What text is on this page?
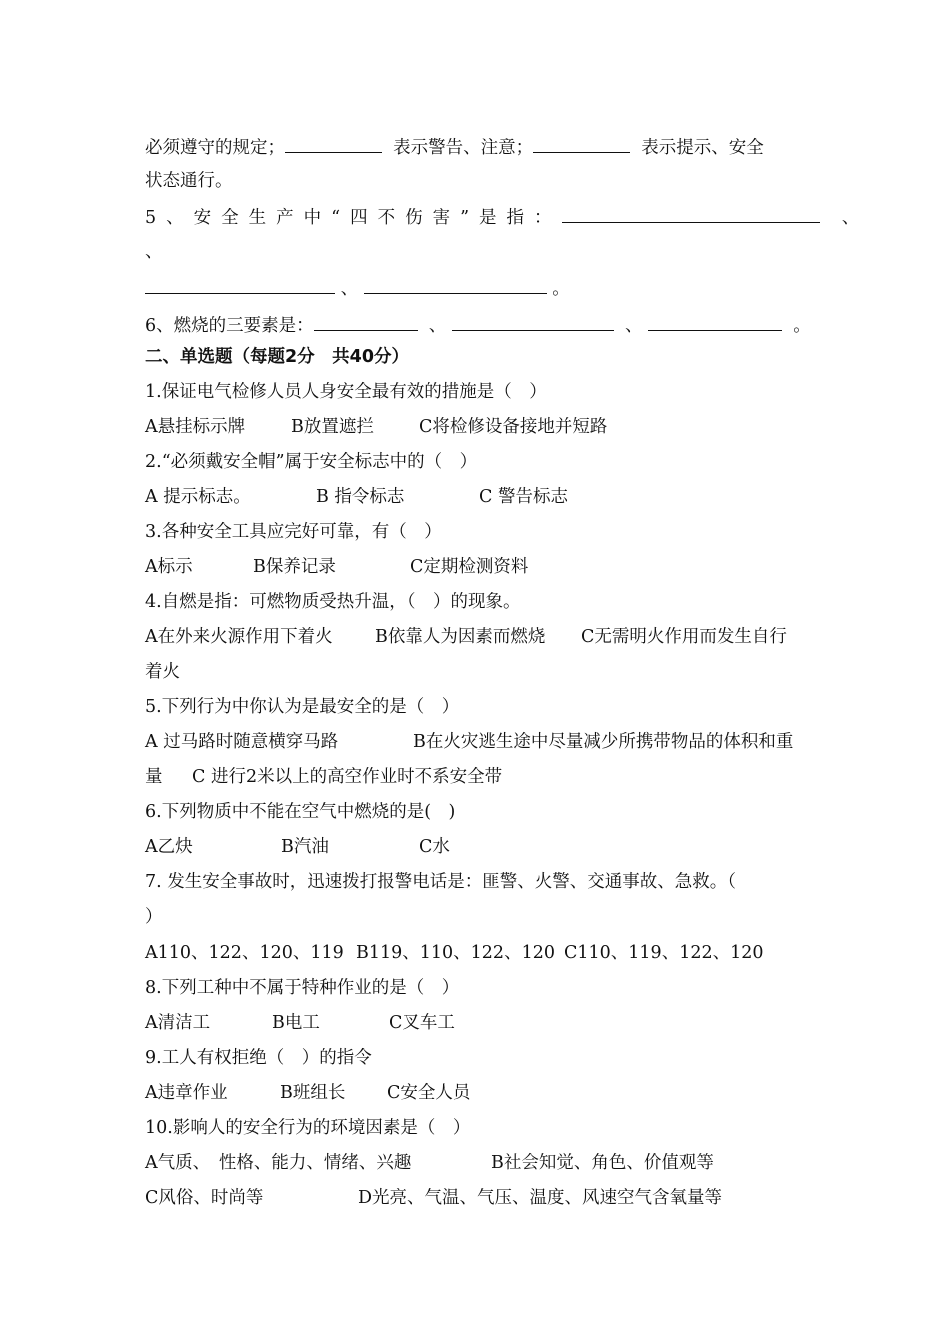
必须遵守的规定；	表示警告、注意；	表示提示、安全
状态通行。
5、安全生产中“四不伤害”是指：	、
、
、	。
6、燃烧的三要素是：	、	、	。
二、单选题（每题2分　共40分）
1.保证电气检修人员人身安全最有效的措施是（　）
A悬挂标示牌	B放置遮拦	C将检修设备接地并短路
2.“必须戴安全帽”属于安全标志中的（　）
A 提示标志。	B 指令标志	C 警告标志
3.各种安全工具应完好可靠，有（　）
A标示	B保养记录	C定期检测资料
4.自燃是指：可燃物质受热升温，（　）的现象。
A在外来火源作用下着火 B依靠人为因素而燃烧 C无需明火作用而发生自行
着火
5.下列行为中你认为是最安全的是（　）
A 过马路时随意横穿马路	B在火灾逃生途中尽量减少所携带物品的体积和重
量 C 进行2米以上的高空作业时不系安全带
6.下列物质中不能在空气中燃烧的是(　)
A乙炔	B汽油	C水
7. 发生安全事故时，迅速拨打报警电话是：匪警、火警、交通事故、急救。（
）
A110、122、120、119 B119、110、122、120 C110、119、122、120
8.下列工种中不属于特种作业的是（　）
A清洁工	B电工	C叉车工
9.工人有权拒绝（　）的指令
A违章作业	B班组长 C安全人员
10.影响人的安全行为的环境因素是（　）
A气质、　性格、能力、情绪、兴趣	B社会知觉、角色、价值观等
C风俗、时尚等	D光亮、气温、气压、温度、风速空气含氧量等
